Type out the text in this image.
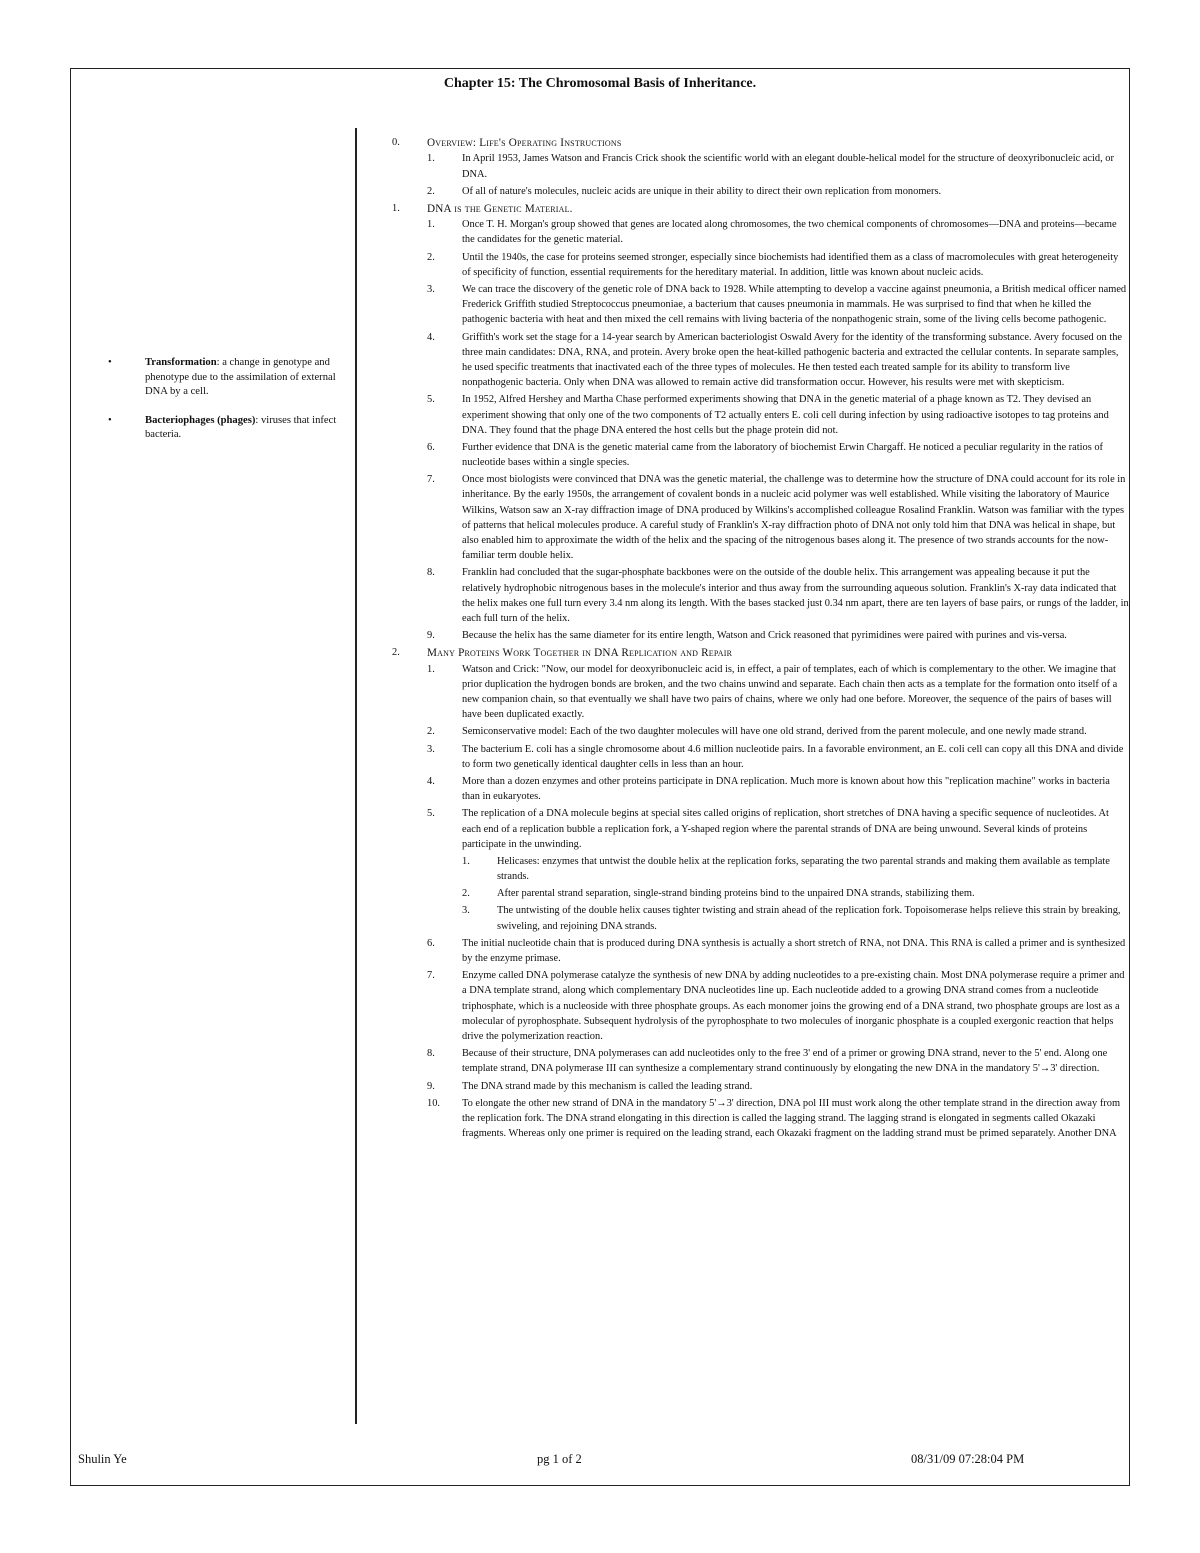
Chapter 15: The Chromosomal Basis of Inheritance.
•	Transformation: a change in genotype and phenotype due to the assimilation of external DNA by a cell.
•	Bacteriophages (phages): viruses that infect bacteria.
0.	Overview: Life's Operating Instructions
1.	In April 1953, James Watson and Francis Crick shook the scientific world with an elegant double-helical model for the structure of deoxyribonucleic acid, or DNA.
2.	Of all of nature's molecules, nucleic acids are unique in their ability to direct their own replication from monomers.
1.	DNA is the Genetic Material.
1.	Once T. H. Morgan's group showed that genes are located along chromosomes, the two chemical components of chromosomes—DNA and proteins—became the candidates for the genetic material.
2.	Until the 1940s, the case for proteins seemed stronger, especially since biochemists had identified them as a class of macromolecules with great heterogeneity of specificity of function, essential requirements for the hereditary material. In addition, little was known about nucleic acids.
3.	We can trace the discovery of the genetic role of DNA back to 1928. While attempting to develop a vaccine against pneumonia, a British medical officer named Frederick Griffith studied Streptococcus pneumoniae, a bacterium that causes pneumonia in mammals. He was surprised to find that when he killed the pathogenic bacteria with heat and then mixed the cell remains with living bacteria of the nonpathogenic strain, some of the living cells become pathogenic.
4.	Griffith's work set the stage for a 14-year search by American bacteriologist Oswald Avery for the identity of the transforming substance. Avery focused on the three main candidates: DNA, RNA, and protein. Avery broke open the heat-killed pathogenic bacteria and extracted the cellular contents. In separate samples, he used specific treatments that inactivated each of the three types of molecules. He then tested each treated sample for its ability to transform live nonpathogenic bacteria. Only when DNA was allowed to remain active did transformation occur. However, his results were met with skepticism.
5.	In 1952, Alfred Hershey and Martha Chase performed experiments showing that DNA in the genetic material of a phage known as T2. They devised an experiment showing that only one of the two components of T2 actually enters E. coli cell during infection by using radioactive isotopes to tag proteins and DNA. They found that the phage DNA entered the host cells but the phage protein did not.
6.	Further evidence that DNA is the genetic material came from the laboratory of biochemist Erwin Chargaff. He noticed a peculiar regularity in the ratios of nucleotide bases within a single species.
7.	Once most biologists were convinced that DNA was the genetic material, the challenge was to determine how the structure of DNA could account for its role in inheritance. By the early 1950s, the arrangement of covalent bonds in a nucleic acid polymer was well established. While visiting the laboratory of Maurice Wilkins, Watson saw an X-ray diffraction image of DNA produced by Wilkins's accomplished colleague Rosalind Franklin. Watson was familiar with the types of patterns that helical molecules produce. A careful study of Franklin's X-ray diffraction photo of DNA not only told him that DNA was helical in shape, but also enabled him to approximate the width of the helix and the spacing of the nitrogenous bases along it. The presence of two strands accounts for the now-familiar term double helix.
8.	Franklin had concluded that the sugar-phosphate backbones were on the outside of the double helix. This arrangement was appealing because it put the relatively hydrophobic nitrogenous bases in the molecule's interior and thus away from the surrounding aqueous solution. Franklin's X-ray data indicated that the helix makes one full turn every 3.4 nm along its length. With the bases stacked just 0.34 nm apart, there are ten layers of base pairs, or rungs of the ladder, in each full turn of the helix.
9.	Because the helix has the same diameter for its entire length, Watson and Crick reasoned that pyrimidines were paired with purines and vis-versa.
2.	Many Proteins Work Together in DNA Replication and Repair
1.	Watson and Crick: "Now, our model for deoxyribonucleic acid is, in effect, a pair of templates, each of which is complementary to the other. We imagine that prior duplication the hydrogen bonds are broken, and the two chains unwind and separate. Each chain then acts as a template for the formation onto itself of a new companion chain, so that eventually we shall have two pairs of chains, where we only had one before. Moreover, the sequence of the pairs of bases will have been duplicated exactly.
2.	Semiconservative model: Each of the two daughter molecules will have one old strand, derived from the parent molecule, and one newly made strand.
3.	The bacterium E. coli has a single chromosome about 4.6 million nucleotide pairs. In a favorable environment, an E. coli cell can copy all this DNA and divide to form two genetically identical daughter cells in less than an hour.
4.	More than a dozen enzymes and other proteins participate in DNA replication. Much more is known about how this "replication machine" works in bacteria than in eukaryotes.
5.	The replication of a DNA molecule begins at special sites called origins of replication, short stretches of DNA having a specific sequence of nucleotides. At each end of a replication bubble a replication fork, a Y-shaped region where the parental strands of DNA are being unwound. Several kinds of proteins participate in the unwinding.
1.	Helicases: enzymes that untwist the double helix at the replication forks, separating the two parental strands and making them available as template strands.
2.	After parental strand separation, single-strand binding proteins bind to the unpaired DNA strands, stabilizing them.
3.	The untwisting of the double helix causes tighter twisting and strain ahead of the replication fork. Topoisomerase helps relieve this strain by breaking, swiveling, and rejoining DNA strands.
6.	The initial nucleotide chain that is produced during DNA synthesis is actually a short stretch of RNA, not DNA. This RNA is called a primer and is synthesized by the enzyme primase.
7.	Enzyme called DNA polymerase catalyze the synthesis of new DNA by adding nucleotides to a pre-existing chain. Most DNA polymerase require a primer and a DNA template strand, along which complementary DNA nucleotides line up. Each nucleotide added to a growing DNA strand comes from a nucleotide triphosphate, which is a nucleoside with three phosphate groups. As each monomer joins the growing end of a DNA strand, two phosphate groups are lost as a molecular of pyrophosphate. Subsequent hydrolysis of the pyrophosphate to two molecules of inorganic phosphate is a coupled exergonic reaction that helps drive the polymerization reaction.
8.	Because of their structure, DNA polymerases can add nucleotides only to the free 3' end of a primer or growing DNA strand, never to the 5' end. Along one template strand, DNA polymerase III can synthesize a complementary strand continuously by elongating the new DNA in the mandatory 5'→3' direction.
9.	The DNA strand made by this mechanism is called the leading strand.
10.	To elongate the other new strand of DNA in the mandatory 5'→3' direction, DNA pol III must work along the other template strand in the direction away from the replication fork. The DNA strand elongating in this direction is called the lagging strand. The lagging strand is elongated in segments called Okazaki fragments. Whereas only one primer is required on the leading strand, each Okazaki fragment on the ladding strand must be primed separately. Another DNA
Shulin Ye	pg 1 of 2	08/31/09 07:28:04 PM
